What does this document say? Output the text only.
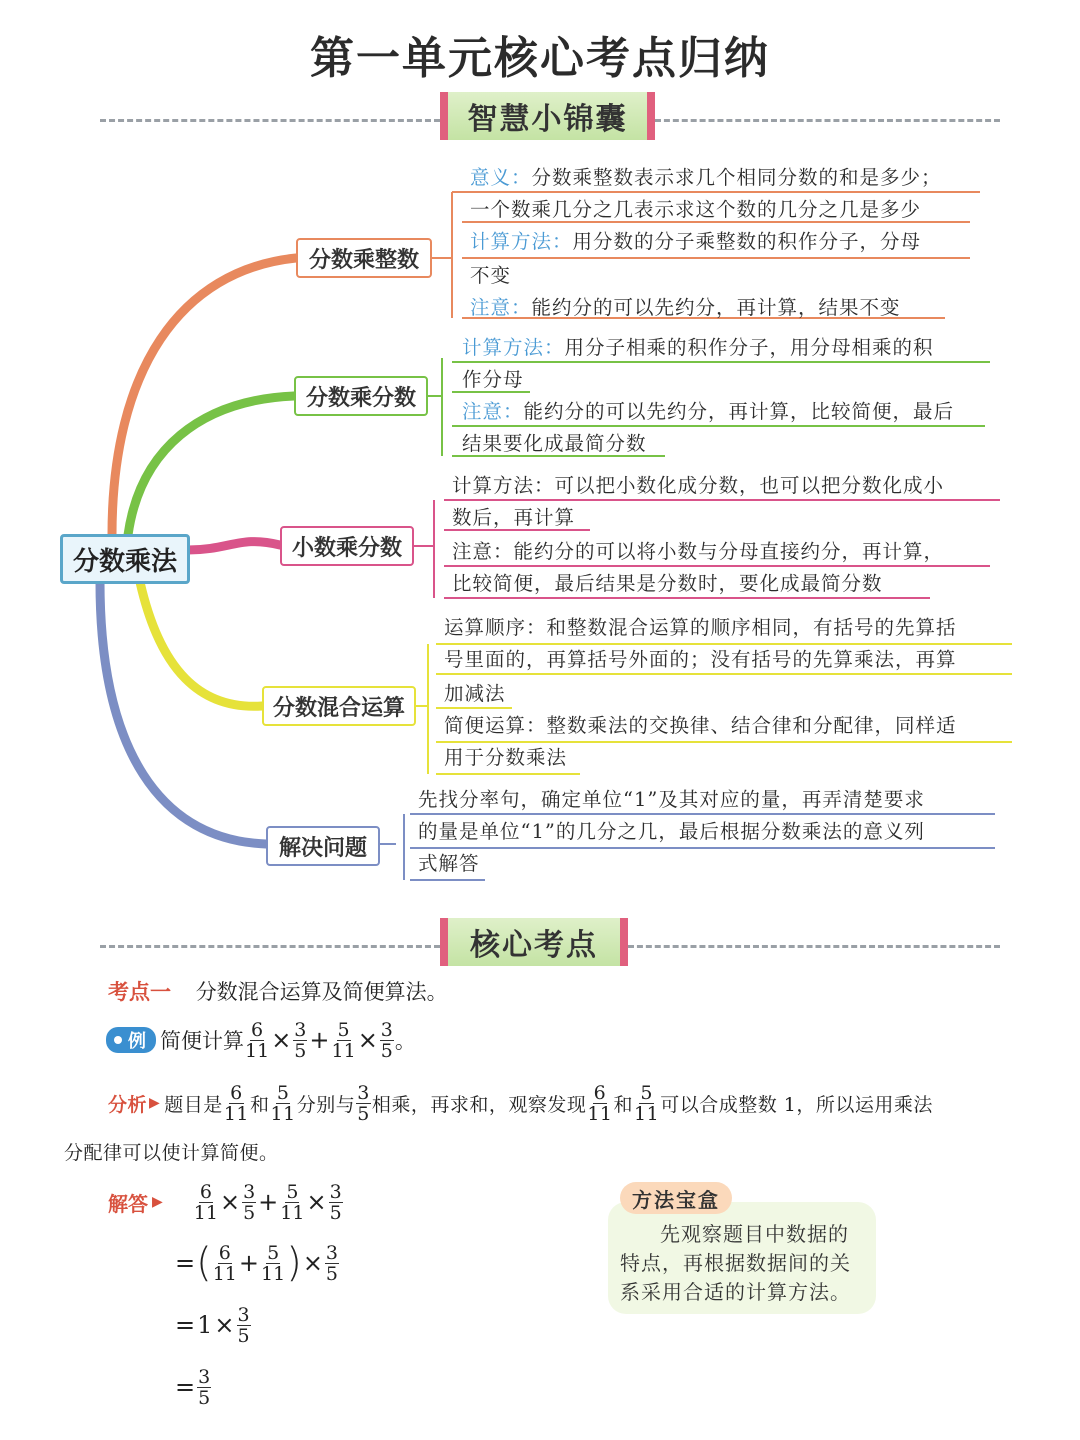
第一单元核心考点归纳
智慧小锦囊
分数乘法
分数乘整数
分数乘分数
小数乘分数
分数混合运算
解决问题
意义：分数乘整数表示求几个相同分数的和是多少；
一个数乘几分之几表示求这个数的几分之几是多少
计算方法：用分数的分子乘整数的积作分子，分母
不变
注意：能约分的可以先约分，再计算，结果不变
计算方法：用分子相乘的积作分子，用分母相乘的积
作分母
注意：能约分的可以先约分，再计算，比较简便，最后
结果要化成最简分数
计算方法：可以把小数化成分数，也可以把分数化成小
数后，再计算
注意：能约分的可以将小数与分母直接约分，再计算，
比较简便，最后结果是分数时，要化成最简分数
运算顺序：和整数混合运算的顺序相同，有括号的先算括
号里面的，再算括号外面的；没有括号的先算乘法，再算
加减法
简便运算：整数乘法的交换律、结合律和分配律，同样适
用于分数乘法
先找分率句，确定单位“1”及其对应的量，再弄清楚要求
的量是单位“1”的几分之几，最后根据分数乘法的意义列
式解答
核心考点
考点一 分数混合运算及简便算法。
例 简便计算 $\frac{6}{11} \times \frac{3}{5} + \frac{5}{11} \times \frac{3}{5}$ 。
分析 ▶ 题目是 $\frac{6}{11}$ 和 $\frac{5}{11}$ 分别与 $\frac{3}{5}$ 相乘，再求和，观察发现 $\frac{6}{11}$ 和 $\frac{5}{11}$ 可以合成整数 1，所以运用乘法
分配律可以使计算简便。
解答 ▶ $\frac{6}{11} \times \frac{3}{5} + \frac{5}{11} \times \frac{3}{5}$
= ( $\frac{6}{11} + \frac{5}{11}$ ) × $\frac{3}{5}$
= $1 \times \frac{3}{5}$
= $\frac{3}{5}$
先观察题目中数据的
特点，再根据数据间的关
系采用合适的计算方法。
方法宝盒
